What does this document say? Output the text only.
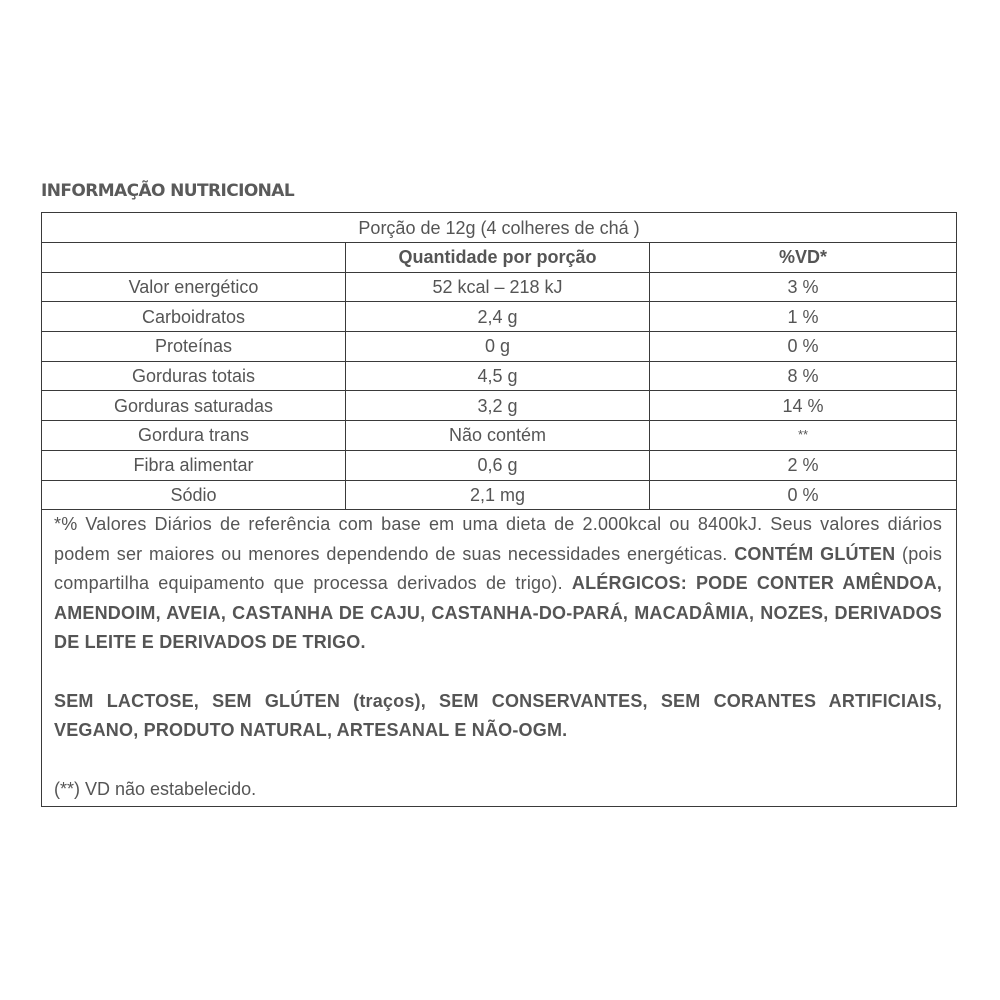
INFORMAÇÃO NUTRICIONAL
Porção de 12g (4 colheres de chá )		
	Quantidade por porção	%VD*
Valor energético	52 kcal – 218 kJ	3 %
Carboidratos	2,4 g	1 %
Proteínas	0 g	0 %
Gorduras totais	4,5 g	8 %
Gorduras saturadas	3,2 g	14 %
Gordura trans	Não contém	**
Fibra alimentar	0,6 g	2 %
Sódio	2,1 mg	0 %

*% Valores Diários de referência com base em uma dieta de 2.000kcal ou 8400kJ. Seus valores diários podem ser maiores ou menores dependendo de suas necessidades energéticas. CONTÉM GLÚTEN (pois compartilha equipamento que processa derivados de trigo). ALÉRGICOS: PODE CONTER AMÊNDOA, AMENDOIM, AVEIA, CASTANHA DE CAJU, CASTANHA-DO-PARÁ, MACADÂMIA, NOZES, DERIVADOS DE LEITE E DERIVADOS DE TRIGO.

SEM LACTOSE, SEM GLÚTEN (traços), SEM CONSERVANTES, SEM CORANTES ARTIFICIAIS, VEGANO, PRODUTO NATURAL, ARTESANAL E NÃO-OGM.
(**) VD não estabelecido.		
